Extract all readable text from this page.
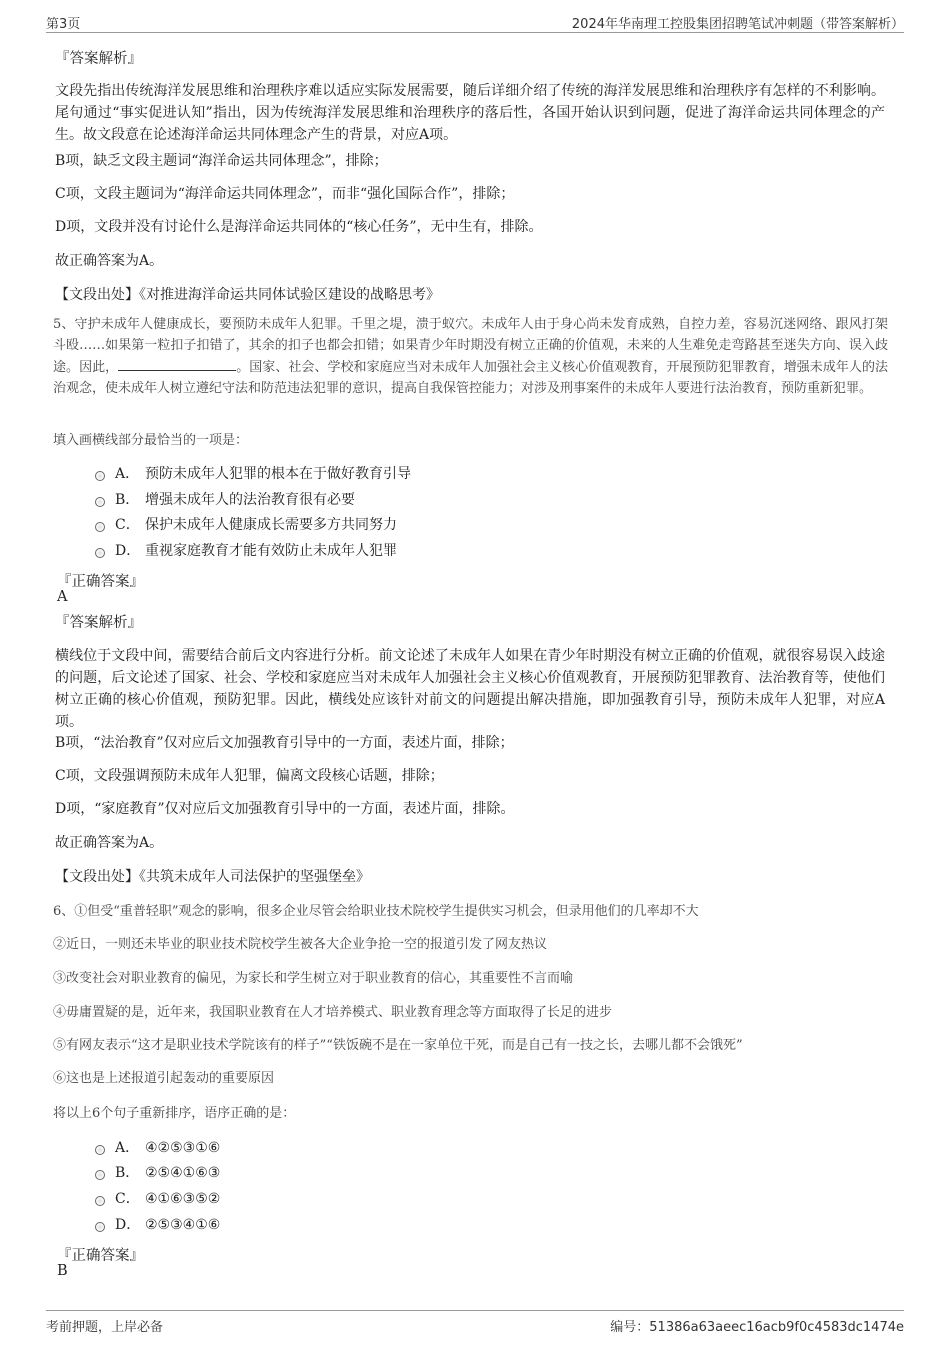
第3页	2024年华南理工控股集团招聘笔试冲刺题（带答案解析）
『答案解析』
文段先指出传统海洋发展思维和治理秩序难以适应实际发展需要，随后详细介绍了传统的海洋发展思维和治理秩序有怎样的不利影响。尾句通过“事实促进认知”指出，因为传统海洋发展思维和治理秩序的落后性，各国开始认识到问题，促进了海洋命运共同体理念的产生。故文段意在论述海洋命运共同体理念产生的背景，对应A项。
B项，缺乏文段主题词“海洋命运共同体理念”，排除；
C项，文段主题词为“海洋命运共同体理念”，而非“强化国际合作”，排除；
D项，文段并没有讨论什么是海洋命运共同体的“核心任务”，无中生有，排除。
故正确答案为A。
【文段出处】《对推进海洋命运共同体试验区建设的战略思考》
5、守护未成年人健康成长，要预防未成年人犯罪。千里之堤，溃于蚁穴。未成年人由于身心尚未发育成熟，自控力差，容易沉迷网络、跟风打架斗殴……如果第一粒扣子扣错了，其余的扣子也都会扣错；如果青少年时期没有树立正确的价值观，未来的人生难免走弯路甚至迷失方向、误入歧途。因此，	。国家、社会、学校和家庭应当对未成年人加强社会主义核心价值观教育，开展预防犯罪教育，增强未成年人的法治观念，使未成年人树立遵纪守法和防范违法犯罪的意识，提高自我保管控能力；对涉及刑事案件的未成年人要进行法治教育，预防重新犯罪。
填入画横线部分最恰当的一项是：
A． 预防未成年人犯罪的根本在于做好教育引导
B． 增强未成年人的法治教育很有必要
C． 保护未成年人健康成长需要多方共同努力
D． 重视家庭教育才能有效防止未成年人犯罪
『正确答案』
A
『答案解析』
横线位于文段中间，需要结合前后文内容进行分析。前文论述了未成年人如果在青少年时期没有树立正确的价值观，就很容易误入歧途的问题，后文论述了国家、社会、学校和家庭应当对未成年人加强社会主义核心价值观教育，开展预防犯罪教育、法治教育等，使他们树立正确的核心价值观，预防犯罪。因此，横线处应该针对前文的问题提出解决措施，即加强教育引导，预防未成年人犯罪，对应A项。
B项，“法治教育”仅对应后文加强教育引导中的一方面，表述片面，排除；
C项，文段强调预防未成年人犯罪，偏离文段核心话题，排除；
D项，“家庭教育”仅对应后文加强教育引导中的一方面，表述片面，排除。
故正确答案为A。
【文段出处】《共筑未成年人司法保护的坚强堡垒》
6、①但受“重普轻职”观念的影响，很多企业尽管会给职业技术院校学生提供实习机会，但录用他们的几率却不大
②近日，一则还未毕业的职业技术院校学生被各大企业争抢一空的报道引发了网友热议
③改变社会对职业教育的偏见，为家长和学生树立对于职业教育的信心，其重要性不言而喻
④毋庸置疑的是，近年来，我国职业教育在人才培养模式、职业教育理念等方面取得了长足的进步
⑤有网友表示“这才是职业技术学院该有的样子”“铁饭碗不是在一家单位干死，而是自己有一技之长，去哪儿都不会饿死”
⑥这也是上述报道引起轰动的重要原因
将以上6个句子重新排序，语序正确的是：
A． ④②⑤③①⑥
B． ②⑤④①⑥③
C． ④①⑥③⑤②
D． ②⑤③④①⑥
『正确答案』
B
考前押题，上岸必备	编号：51386a63aeec16acb9f0c4583dc1474e
